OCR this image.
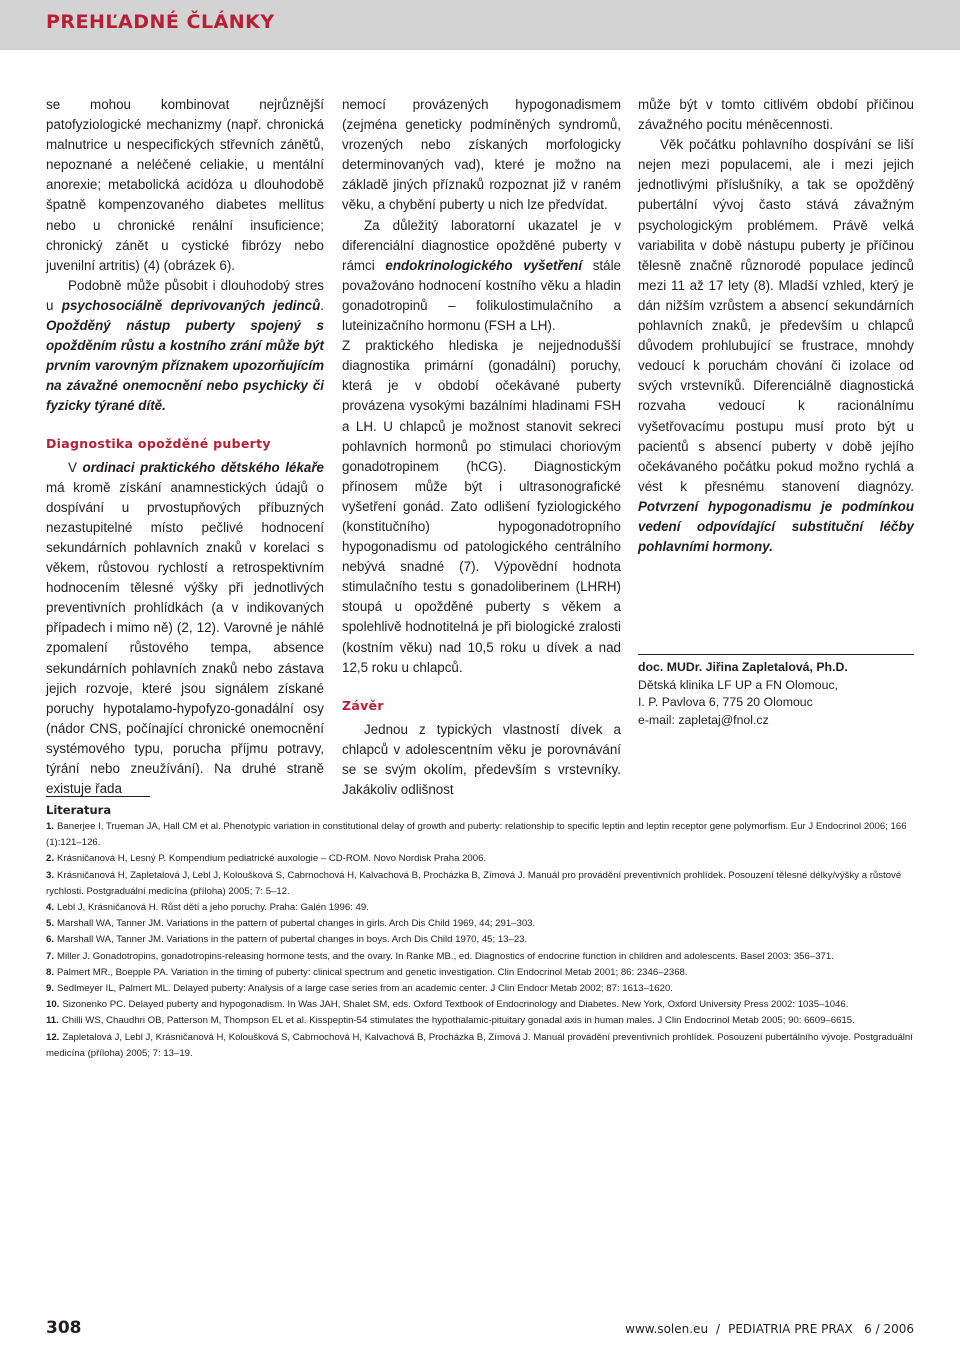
PREHĽADNÉ ČLÁNKY

se mohou kombinovat nejrůznější patofyziologické mechanizmy (např. chronická malnutrice u nespecifických střevních zánětů, nepoznané a neléčené celiakie, u mentální anorexie; metabolická acidóza u dlouhodobě špatně kompenzovaného diabetes mellitus nebo u chronické renální insuficience; chronický zánět u cystické fibrózy nebo juvenilní artritis) (4) (obrázek 6).

Podobně může působit i dlouhodobý stres u psychosociálně deprivovaných jedinců. Opožděný nástup puberty spojený s opožděním růstu a kostního zrání může být prvním varovným příznakem upozorňujícím na závažné onemocnění nebo psychicky či fyzicky týrané dítě.

Diagnostika opožděné puberty

V ordinaci praktického dětského lékaře má kromě získání anamnestických údajů o dospívání u prvostupňových příbuzných nezastupitelné místo pečlivé hodnocení sekundárních pohlavních znaků v korelaci s věkem, růstovou rychlostí a retrospektivním hodnocením tělesné výšky při jednotlivých preventivních prohlídkách (a v indikovaných případech i mimo ně) (2, 12). Varovné je náhlé zpomalení růstového tempa, absence sekundárních pohlavních znaků nebo zástava jejich rozvoje, které jsou signálem získané poruchy hypotalamo-hypofyzo-gonadální osy (nádor CNS, počínající chronické onemocnění systémového typu, porucha příjmu potravy, týrání nebo zneužívání). Na druhé straně existuje řada

nemocí provázených hypogonadismem (zejména geneticky podmíněných syndromů, vrozených nebo získaných morfologicky determinovaných vad), které je možno na základě jiných příznaků rozpoznat již v raném věku, a chybění puberty u nich lze předvídat.

Za důležitý laboratorní ukazatel je v diferenciální diagnostice opožděné puberty v rámci endokrinologického vyšetření stále považováno hodnocení kostního věku a hladin gonadotropinů – folikulostimulačního a luteinizačního hormonu (FSH a LH).

Z praktického hlediska je nejjednodušší diagnostika primární (gonadální) poruchy, která je v období očekávané puberty provázena vysokými bazálními hladinami FSH a LH. U chlapců je možnost stanovit sekreci pohlavních hormonů po stimulaci choriovým gonadotropinem (hCG). Diagnostickým přínosem může být i ultrasonografické vyšetření gonád. Zato odlišení fyziologického (konstitučního) hypogonadotropního hypogonadismu od patologického centrálního nebývá snadné (7). Výpovědní hodnota stimulačního testu s gonadoliberinem (LHRH) stoupá u opožděné puberty s věkem a spolehlivě hodnotitelná je při biologické zralosti (kostním věku) nad 10,5 roku u dívek a nad 12,5 roku u chlapců.

Závěr

Jednou z typických vlastností dívek a chlapců v adolescentním věku je porovnávání se se svým okolím, především s vrstevníky. Jakákoliv odlišnost

může být v tomto citlivém období příčinou závažného pocitu méněcennosti.

Věk počátku pohlavního dospívání se liší nejen mezi populacemi, ale i mezi jejich jednotlivými příslušníky, a tak se opožděný pubertální vývoj často stává závažným psychologickým problémem. Právě velká variabilita v době nástupu puberty je příčinou tělesně značně různorodé populace jedinců mezi 11 až 17 lety (8). Mladší vzhled, který je dán nižším vzrůstem a absencí sekundárních pohlavních znaků, je především u chlapců důvodem prohlubující se frustrace, mnohdy vedoucí k poruchám chování či izolace od svých vrstevníků. Diferenciálně diagnostická rozvaha vedoucí k racionálnímu vyšetřovacímu postupu musí proto být u pacientů s absencí puberty v době jejího očekávaného počátku pokud možno rychlá a vést k přesnému stanovení diagnózy. Potvrzení hypogonadismu je podmínkou vedení odpovídající substituční léčby pohlavními hormony.

doc. MUDr. Jiřina Zapletalová, Ph.D.
Dětská klinika LF UP a FN Olomouc,
I. P. Pavlova 6, 775 20 Olomouc
e-mail: zapletaj@fnol.cz
Literatura
1. Banerjee I, Trueman JA, Hall CM et al. Phenotypic variation in constitutional delay of growth and puberty: relationship to specific leptin and leptin receptor gene polymorfism. Eur J Endocrinol 2006; 166 (1):121–126.
2. Krásničanová H, Lesný P. Kompendium pediatrické auxologie – CD-ROM. Novo Nordisk Praha 2006.
3. Krásničanová H, Zapletalová J, Lebl J, Koloušková S, Cabrnochová H, Kalvachová B, Procházka B, Zímová J. Manuál pro provádění preventivních prohlídek. Posouzení tělesné délky/výšky a růstové rychlosti. Postgraduální medicína (příloha) 2005; 7: 5–12.
4. Lebl J, Krásničanová H. Růst dětí a jeho poruchy. Praha: Galén 1996: 49.
5. Marshall WA, Tanner JM. Variations in the pattern of pubertal changes in girls. Arch Dis Child 1969, 44; 291–303.
6. Marshall WA, Tanner JM. Variations in the pattern of pubertal changes in boys. Arch Dis Child 1970, 45; 13–23.
7. Miller J. Gonadotropins, gonadotropins-releasing hormone tests, and the ovary. In Ranke MB., ed. Diagnostics of endocrine function in children and adolescents. Basel 2003: 356–371.
8. Palmert MR., Boepple PA. Variation in the timing of puberty: clinical spectrum and genetic investigation. Clin Endocrinol Metab 2001; 86: 2346–2368.
9. Sedlmeyer IL, Palmert ML. Delayed puberty: Analysis of a large case series from an academic center. J Clin Endocr Metab 2002; 87: 1613–1620.
10. Sizonenko PC. Delayed puberty and hypogonadism. In Was JAH, Shalet SM, eds. Oxford Textbook of Endocrinology and Diabetes. New York, Oxford University Press 2002: 1035–1046.
11. Chilli WS, Chaudhri OB, Patterson M, Thompson EL et al. Kisspeptin-54 stimulates the hypothalamic-pituitary gonadal axis in human males. J Clin Endocrinol Metab 2005; 90: 6609–6615.
12. Zapletalová J, Lebl J, Krásničanová H, Koloušková S, Cabrnochová H, Kalvachová B, Procházka B, Zímová J. Manuál provádění preventivních prohlídek. Posouzení pubertálního vývoje. Postgraduální medicína (příloha) 2005; 7: 13–19.
308	www.solen.eu / PEDIATRIA PRE PRAX 6 / 2006
